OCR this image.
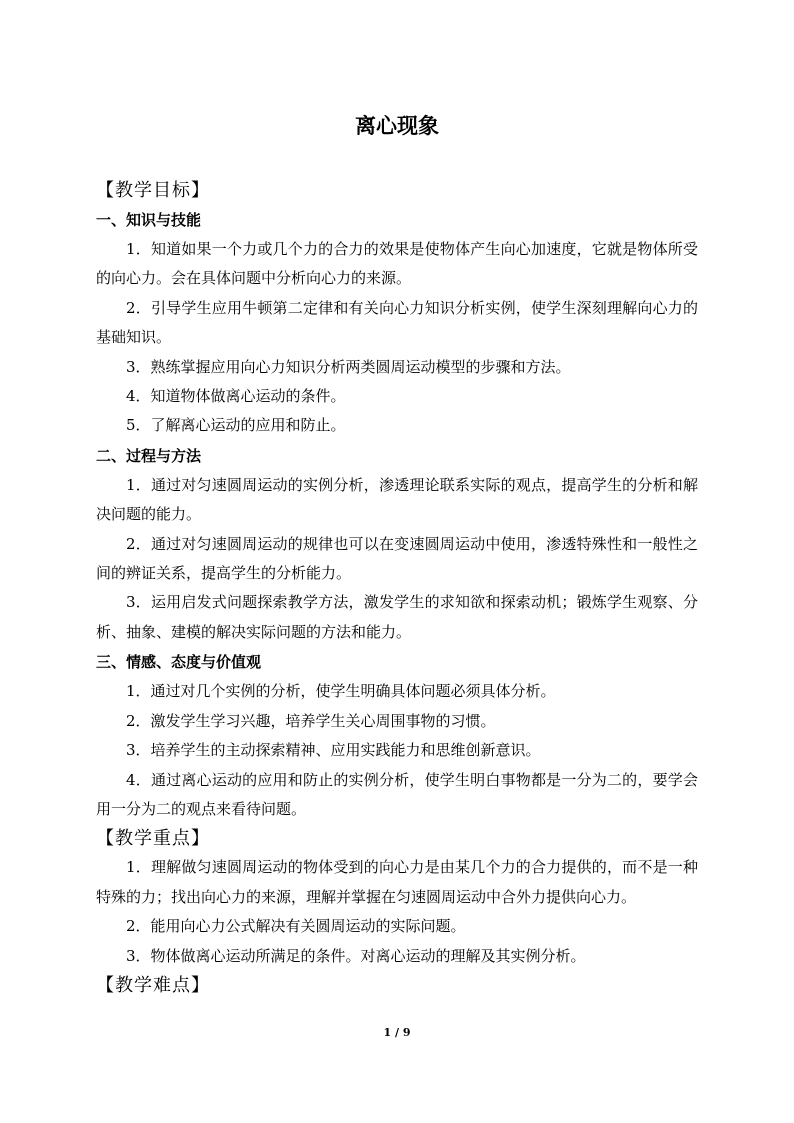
离心现象

【教学目标】

一、知识与技能

1．知道如果一个力或几个力的合力的效果是使物体产生向心加速度，它就是物体所受的向心力。会在具体问题中分析向心力的来源。

2．引导学生应用牛顿第二定律和有关向心力知识分析实例，使学生深刻理解向心力的基础知识。

3．熟练掌握应用向心力知识分析两类圆周运动模型的步骤和方法。

4．知道物体做离心运动的条件。

5．了解离心运动的应用和防止。

二、过程与方法

1．通过对匀速圆周运动的实例分析，渗透理论联系实际的观点，提高学生的分析和解决问题的能力。

2．通过对匀速圆周运动的规律也可以在变速圆周运动中使用，渗透特殊性和一般性之间的辨证关系，提高学生的分析能力。

3．运用启发式问题探索教学方法，激发学生的求知欲和探索动机；锻炼学生观察、分析、抽象、建模的解决实际问题的方法和能力。

三、情感、态度与价值观

1．通过对几个实例的分析，使学生明确具体问题必须具体分析。

2．激发学生学习兴趣，培养学生关心周围事物的习惯。

3．培养学生的主动探索精神、应用实践能力和思维创新意识。

4．通过离心运动的应用和防止的实例分析，使学生明白事物都是一分为二的，要学会用一分为二的观点来看待问题。

【教学重点】

1．理解做匀速圆周运动的物体受到的向心力是由某几个力的合力提供的，而不是一种特殊的力；找出向心力的来源，理解并掌握在匀速圆周运动中合外力提供向心力。

2．能用向心力公式解决有关圆周运动的实际问题。

3．物体做离心运动所满足的条件。对离心运动的理解及其实例分析。

【教学难点】

1 / 9
